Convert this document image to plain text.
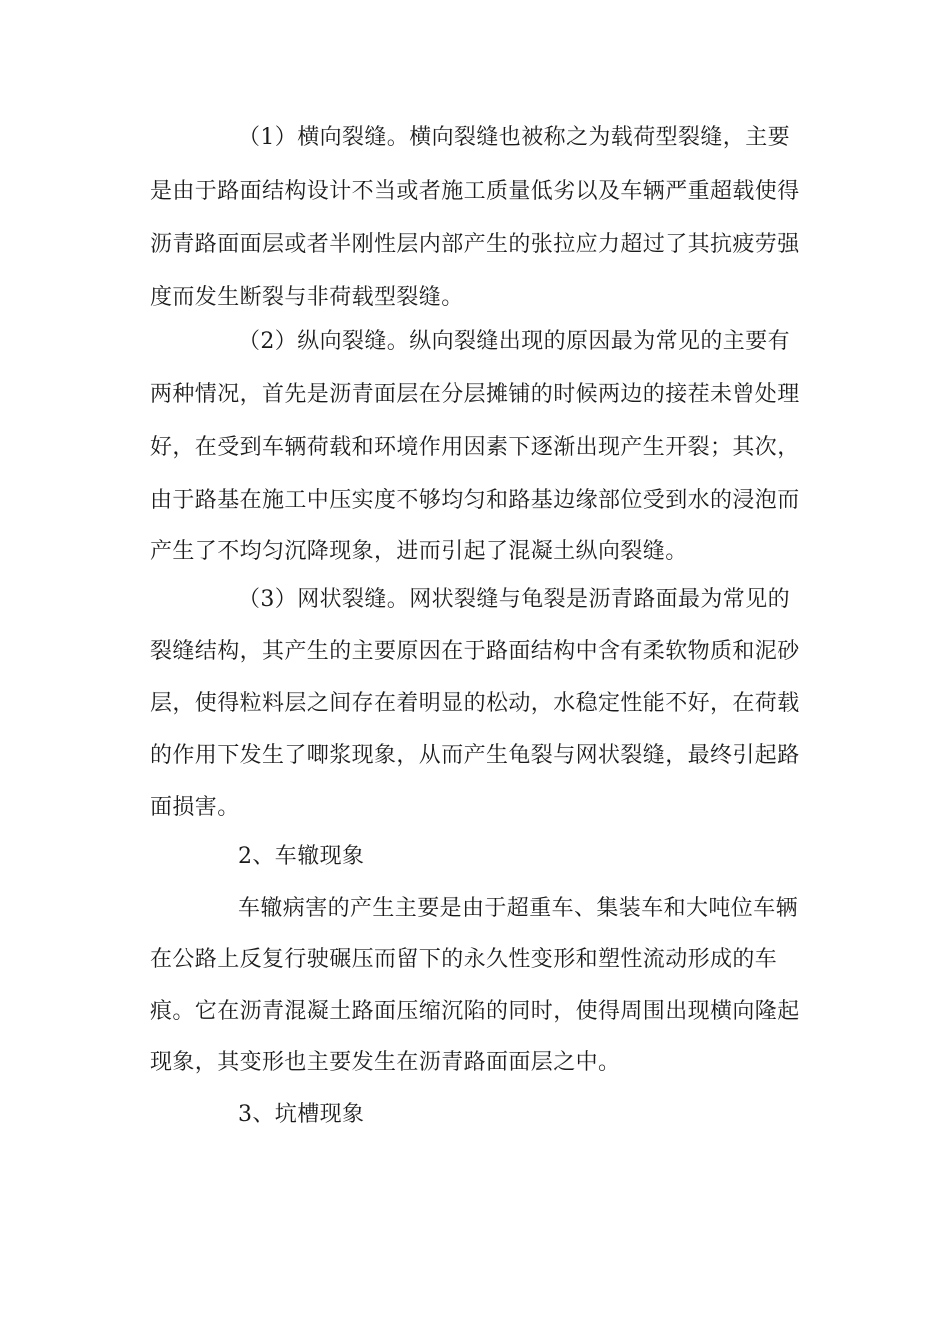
（1）横向裂缝。横向裂缝也被称之为载荷型裂缝，主要
是由于路面结构设计不当或者施工质量低劣以及车辆严重超载使得
沥青路面面层或者半刚性层内部产生的张拉应力超过了其抗疲劳强
度而发生断裂与非荷载型裂缝。
（2）纵向裂缝。纵向裂缝出现的原因最为常见的主要有
两种情况，首先是沥青面层在分层摊铺的时候两边的接茬未曾处理
好，在受到车辆荷载和环境作用因素下逐渐出现产生开裂；其次，
由于路基在施工中压实度不够均匀和路基边缘部位受到水的浸泡而
产生了不均匀沉降现象，进而引起了混凝土纵向裂缝。
（3）网状裂缝。网状裂缝与龟裂是沥青路面最为常见的
裂缝结构，其产生的主要原因在于路面结构中含有柔软物质和泥砂
层，使得粒料层之间存在着明显的松动，水稳定性能不好，在荷载
的作用下发生了唧浆现象，从而产生龟裂与网状裂缝，最终引起路
面损害。
2、车辙现象
车辙病害的产生主要是由于超重车、集装车和大吨位车辆
在公路上反复行驶碾压而留下的永久性变形和塑性流动形成的车
痕。它在沥青混凝土路面压缩沉陷的同时，使得周围出现横向隆起
现象，其变形也主要发生在沥青路面面层之中。
3、坑槽现象
